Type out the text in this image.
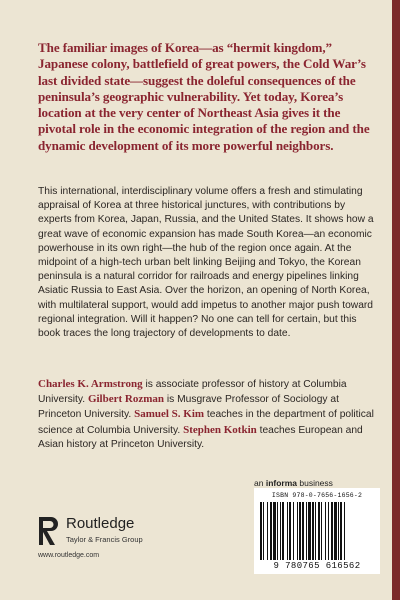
The familiar images of Korea—as “hermit kingdom,” Japanese colony, battlefield of great powers, the Cold War’s last divided state—suggest the doleful consequences of the peninsula’s geographic vulnerability. Yet today, Korea’s location at the very center of Northeast Asia gives it the pivotal role in the economic integration of the region and the dynamic development of its more powerful neighbors.
This international, interdisciplinary volume offers a fresh and stimulating appraisal of Korea at three historical junctures, with contributions by experts from Korea, Japan, Russia, and the United States. It shows how a great wave of economic expansion has made South Korea—an economic powerhouse in its own right—the hub of the region once again. At the midpoint of a high-tech urban belt linking Beijing and Tokyo, the Korean peninsula is a natural corridor for railroads and energy pipelines linking Asiatic Russia to East Asia. Over the horizon, an opening of North Korea, with multilateral support, would add impetus to another major push toward regional integration. Will it happen? No one can tell for certain, but this book traces the long trajectory of developments to date.
Charles K. Armstrong is associate professor of history at Columbia University. Gilbert Rozman is Musgrave Professor of Sociology at Princeton University. Samuel S. Kim teaches in the department of political science at Columbia University. Stephen Kotkin teaches European and Asian history at Princeton University.
an informa business
ISBN 978-0-7656-1656-2
9 780765 616562
Routledge
Taylor & Francis Group
www.routledge.com
